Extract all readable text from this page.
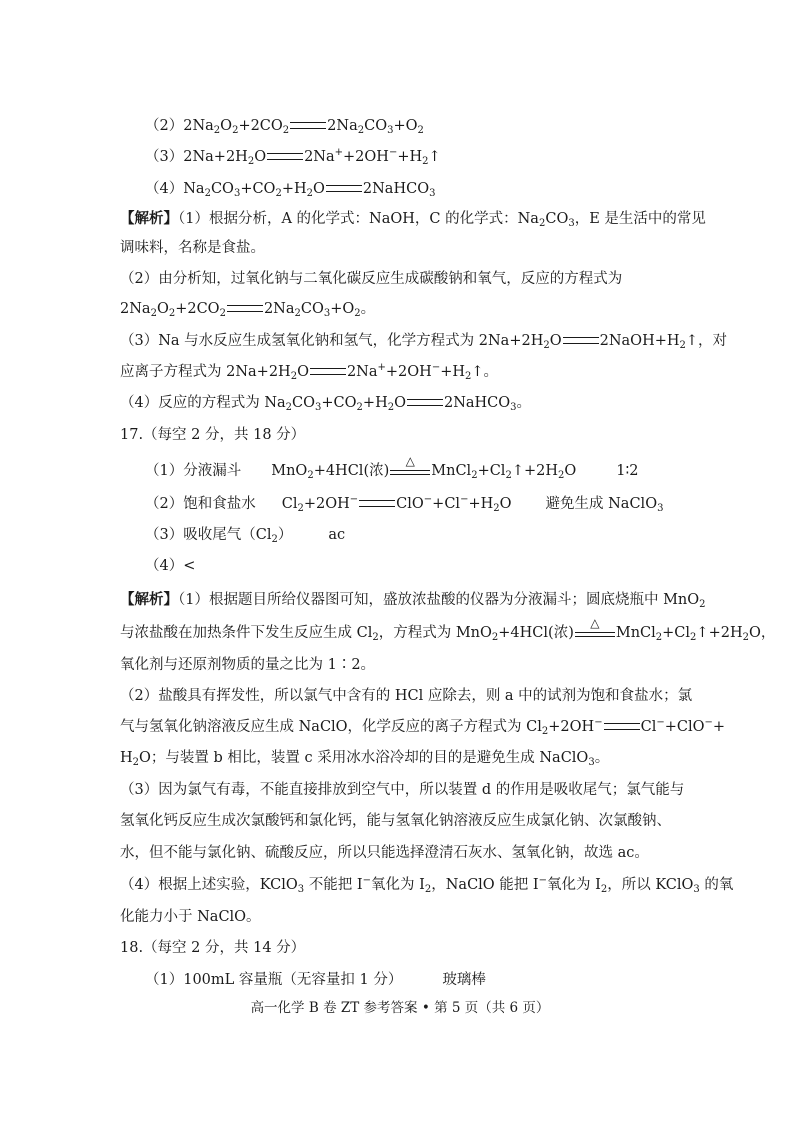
$(2)2Na_2O_2+2CO_2$	$2Na_2CO_3+O_2$
$(3)2Na+2H_2O$	$2Na^++2OH^-+H_2↑$
$(4)Na_2CO_3+CO_2+H_2O$	2NaHCO$_3$
【解析】（1）根据分析，A 的化学式：NaOH，C 的化学式：$Na_2CO_3$，E 是生活中的常见
调味料，名称是食盐。
（2）由分析知，过氧化钠与二氧化碳反应生成碳酸钠和氧气，反应的方程式为
$2Na_2O_2+2CO_2$	$2Na_2CO_3+O_2$。
（3）Na 与水反应生成氢氧化钠和氢气，化学方程式为 $2Na+2H_2O$	$2NaOH+H_2↑$，对
应离子方程式为 $2Na+2H_2O$	$2Na^++2OH^-+H_2↑$。
（4）反应的方程式为 $Na_2CO_3+CO_2+H_2O$	2NaHCO$_3$。
17.（每空 2 分，共 18 分）
（1）分液漏斗 MnO$_2$+4HCl(浓)
△
$MnCl_2+Cl_2↑+2H_2O$	1∶2
（2）饱和食盐水 $Cl_2+2OH^-$	$ClO^-+Cl^-+H_2O$ 避免生成 NaClO$_3$
（3）吸收尾气$(Cl_2)$ ac
（4）<
【解析】（1）根据题目所给仪器图可知，盛放浓盐酸的仪器为分液漏斗；圆底烧瓶中 MnO$_2$
与浓盐酸在加热条件下发生反应生成 $Cl_2$，方程式为 MnO$_2$+4HCl(浓)
△
$MnCl_2+Cl_2↑+2H_2O$，
氧化剂与还原剂物质的量之比为 1∶2。
（2）盐酸具有挥发性，所以氯气中含有的 HCl 应除去，则 a 中的试剂为饱和食盐水；氯
气与氢氧化钠溶液反应生成 NaClO，化学反应的离子方程式为 $Cl_2+2OH^-$	Cl−+ClO−+
$H_2O$；与装置 b 相比，装置 c 采用冰水浴冷却的目的是避免生成 NaClO$_3$。
（3）因为氯气有毒，不能直接排放到空气中，所以装置 d 的作用是吸收尾气；氯气能与
氢氧化钙反应生成次氯酸钙和氯化钙，能与氢氧化钠溶液反应生成氯化钠、次氯酸钠、
水，但不能与氯化钠、硫酸反应，所以只能选择澄清石灰水、氢氧化钠，故选 ac。
（4）根据上述实验，KClO$_3$ 不能把 I−氧化为 $I_2$，NaClO 能把 I−氧化为 $I_2$，所以 KClO$_3$ 的氧
化能力小于 NaClO。
18.（每空 2 分，共 14 分）
（1）100mL 容量瓶（无容量扣 1 分）	玻璃棒
高一化学 B 卷 ZT 参考答案 • 第 5 页（共 6 页）
